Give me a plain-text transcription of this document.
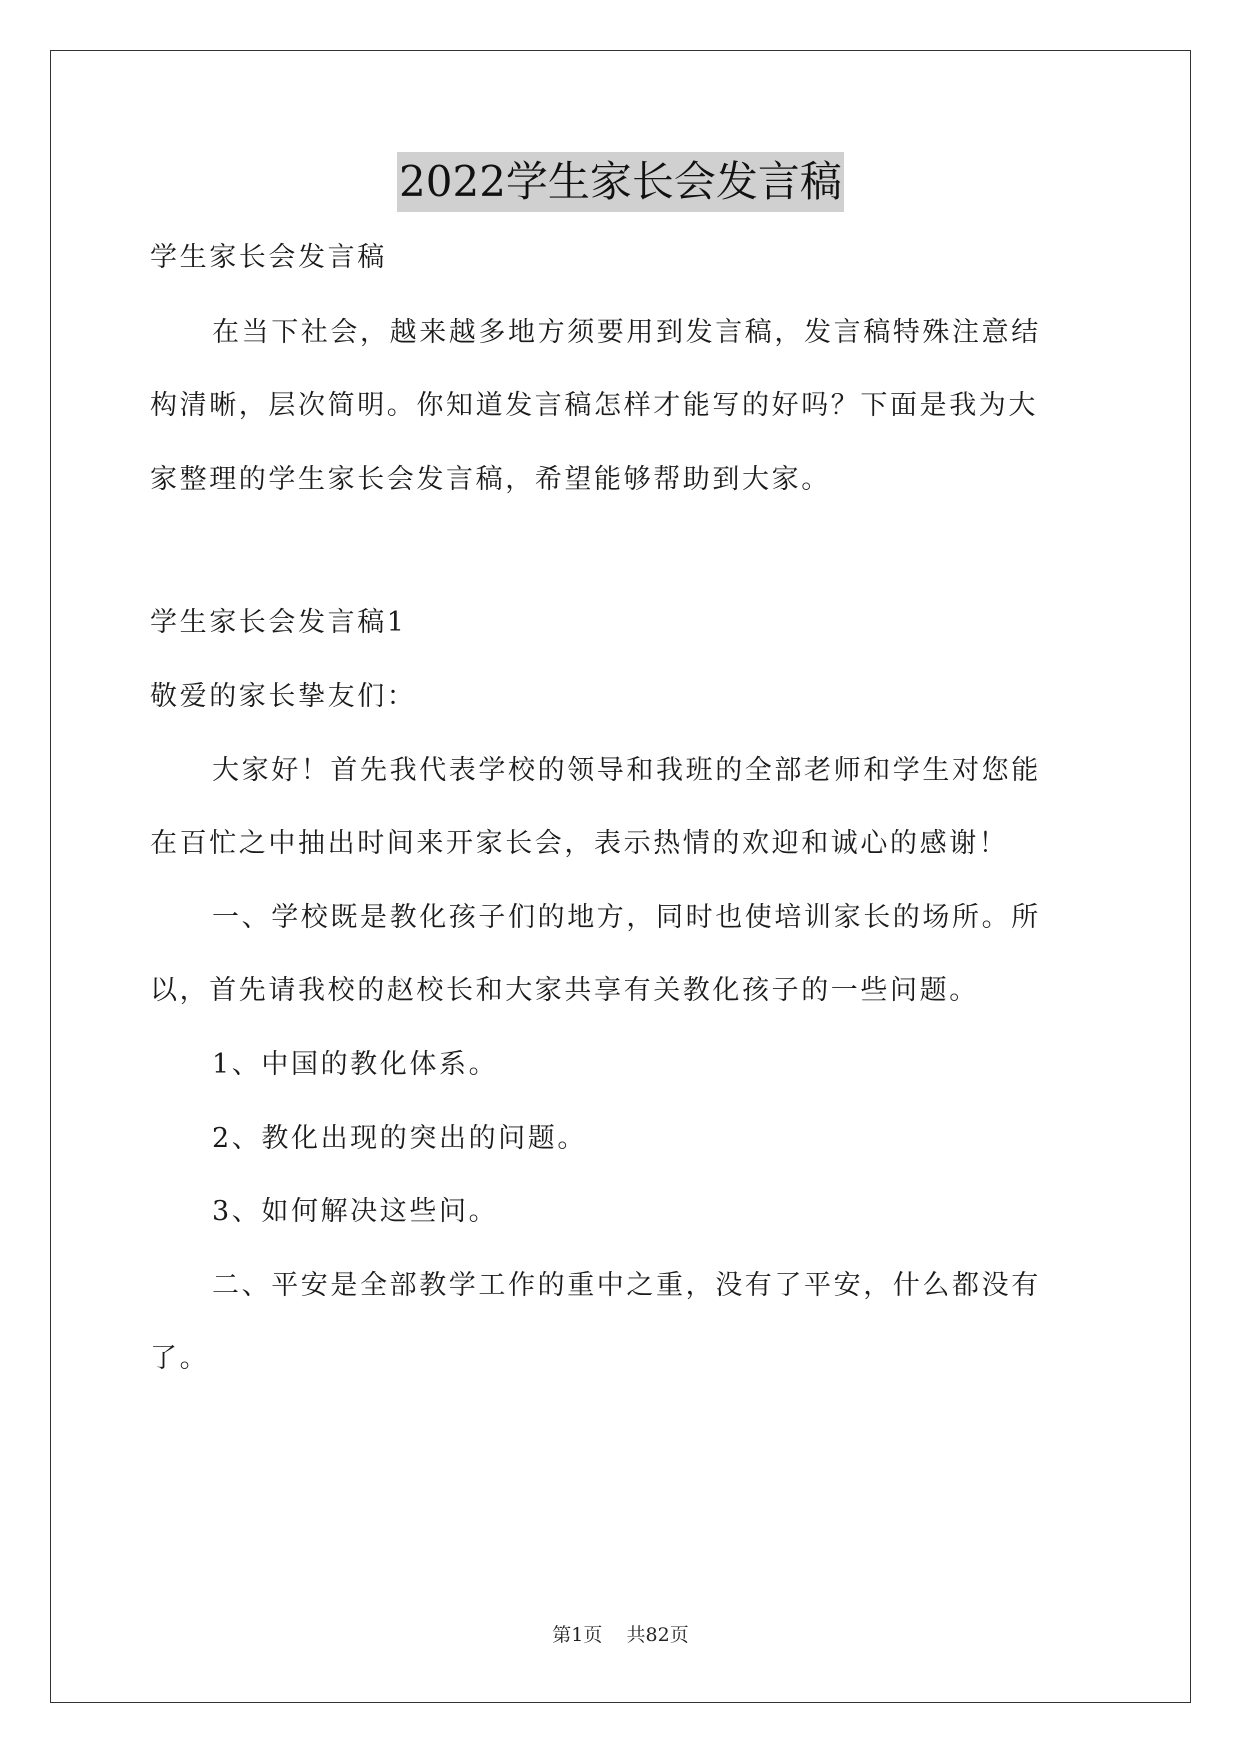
2022学生家长会发言稿
学生家长会发言稿
在当下社会，越来越多地方须要用到发言稿，发言稿特殊注意结
构清晰，层次简明。你知道发言稿怎样才能写的好吗？下面是我为大
家整理的学生家长会发言稿，希望能够帮助到大家。
学生家长会发言稿1
敬爱的家长挚友们：
大家好！首先我代表学校的领导和我班的全部老师和学生对您能
在百忙之中抽出时间来开家长会，表示热情的欢迎和诚心的感谢！
一、学校既是教化孩子们的地方，同时也使培训家长的场所。所
以，首先请我校的赵校长和大家共享有关教化孩子的一些问题。
1、中国的教化体系。
2、教化出现的突出的问题。
3、如何解决这些问。
二、平安是全部教学工作的重中之重，没有了平安，什么都没有
了。
第1页 共82页
